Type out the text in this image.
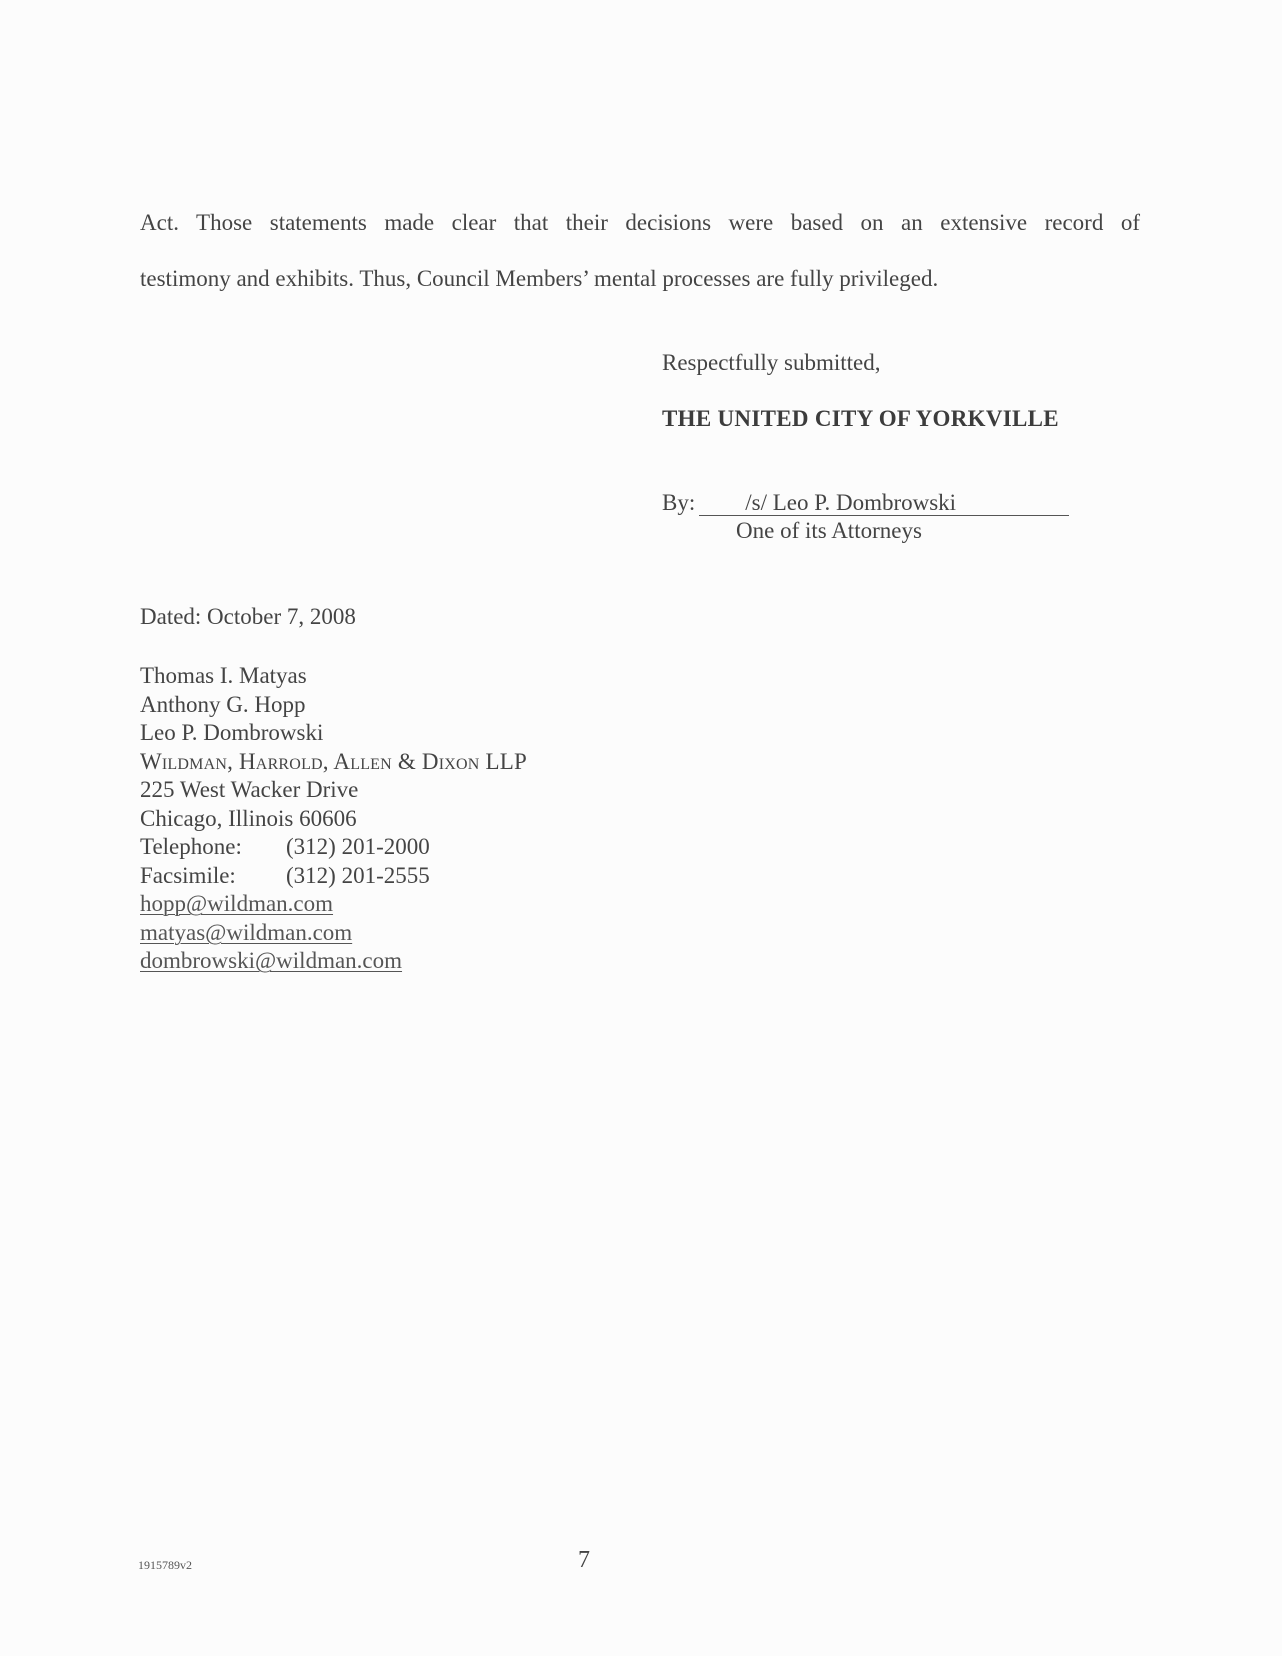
Act. Those statements made clear that their decisions were based on an extensive record of
testimony and exhibits. Thus, Council Members’ mental processes are fully privileged.
Respectfully submitted,
THE UNITED CITY OF YORKVILLE
By: /s/ Leo P. Dombrowski
One of its Attorneys
Dated: October 7, 2008
Thomas I. Matyas
Anthony G. Hopp
Leo P. Dombrowski
Wildman, Harrold, Allen & Dixon LLP
225 West Wacker Drive
Chicago, Illinois 60606
Telephone: (312) 201-2000
Facsimile: (312) 201-2555
hopp@wildman.com
matyas@wildman.com
dombrowski@wildman.com
1915789v2	7
